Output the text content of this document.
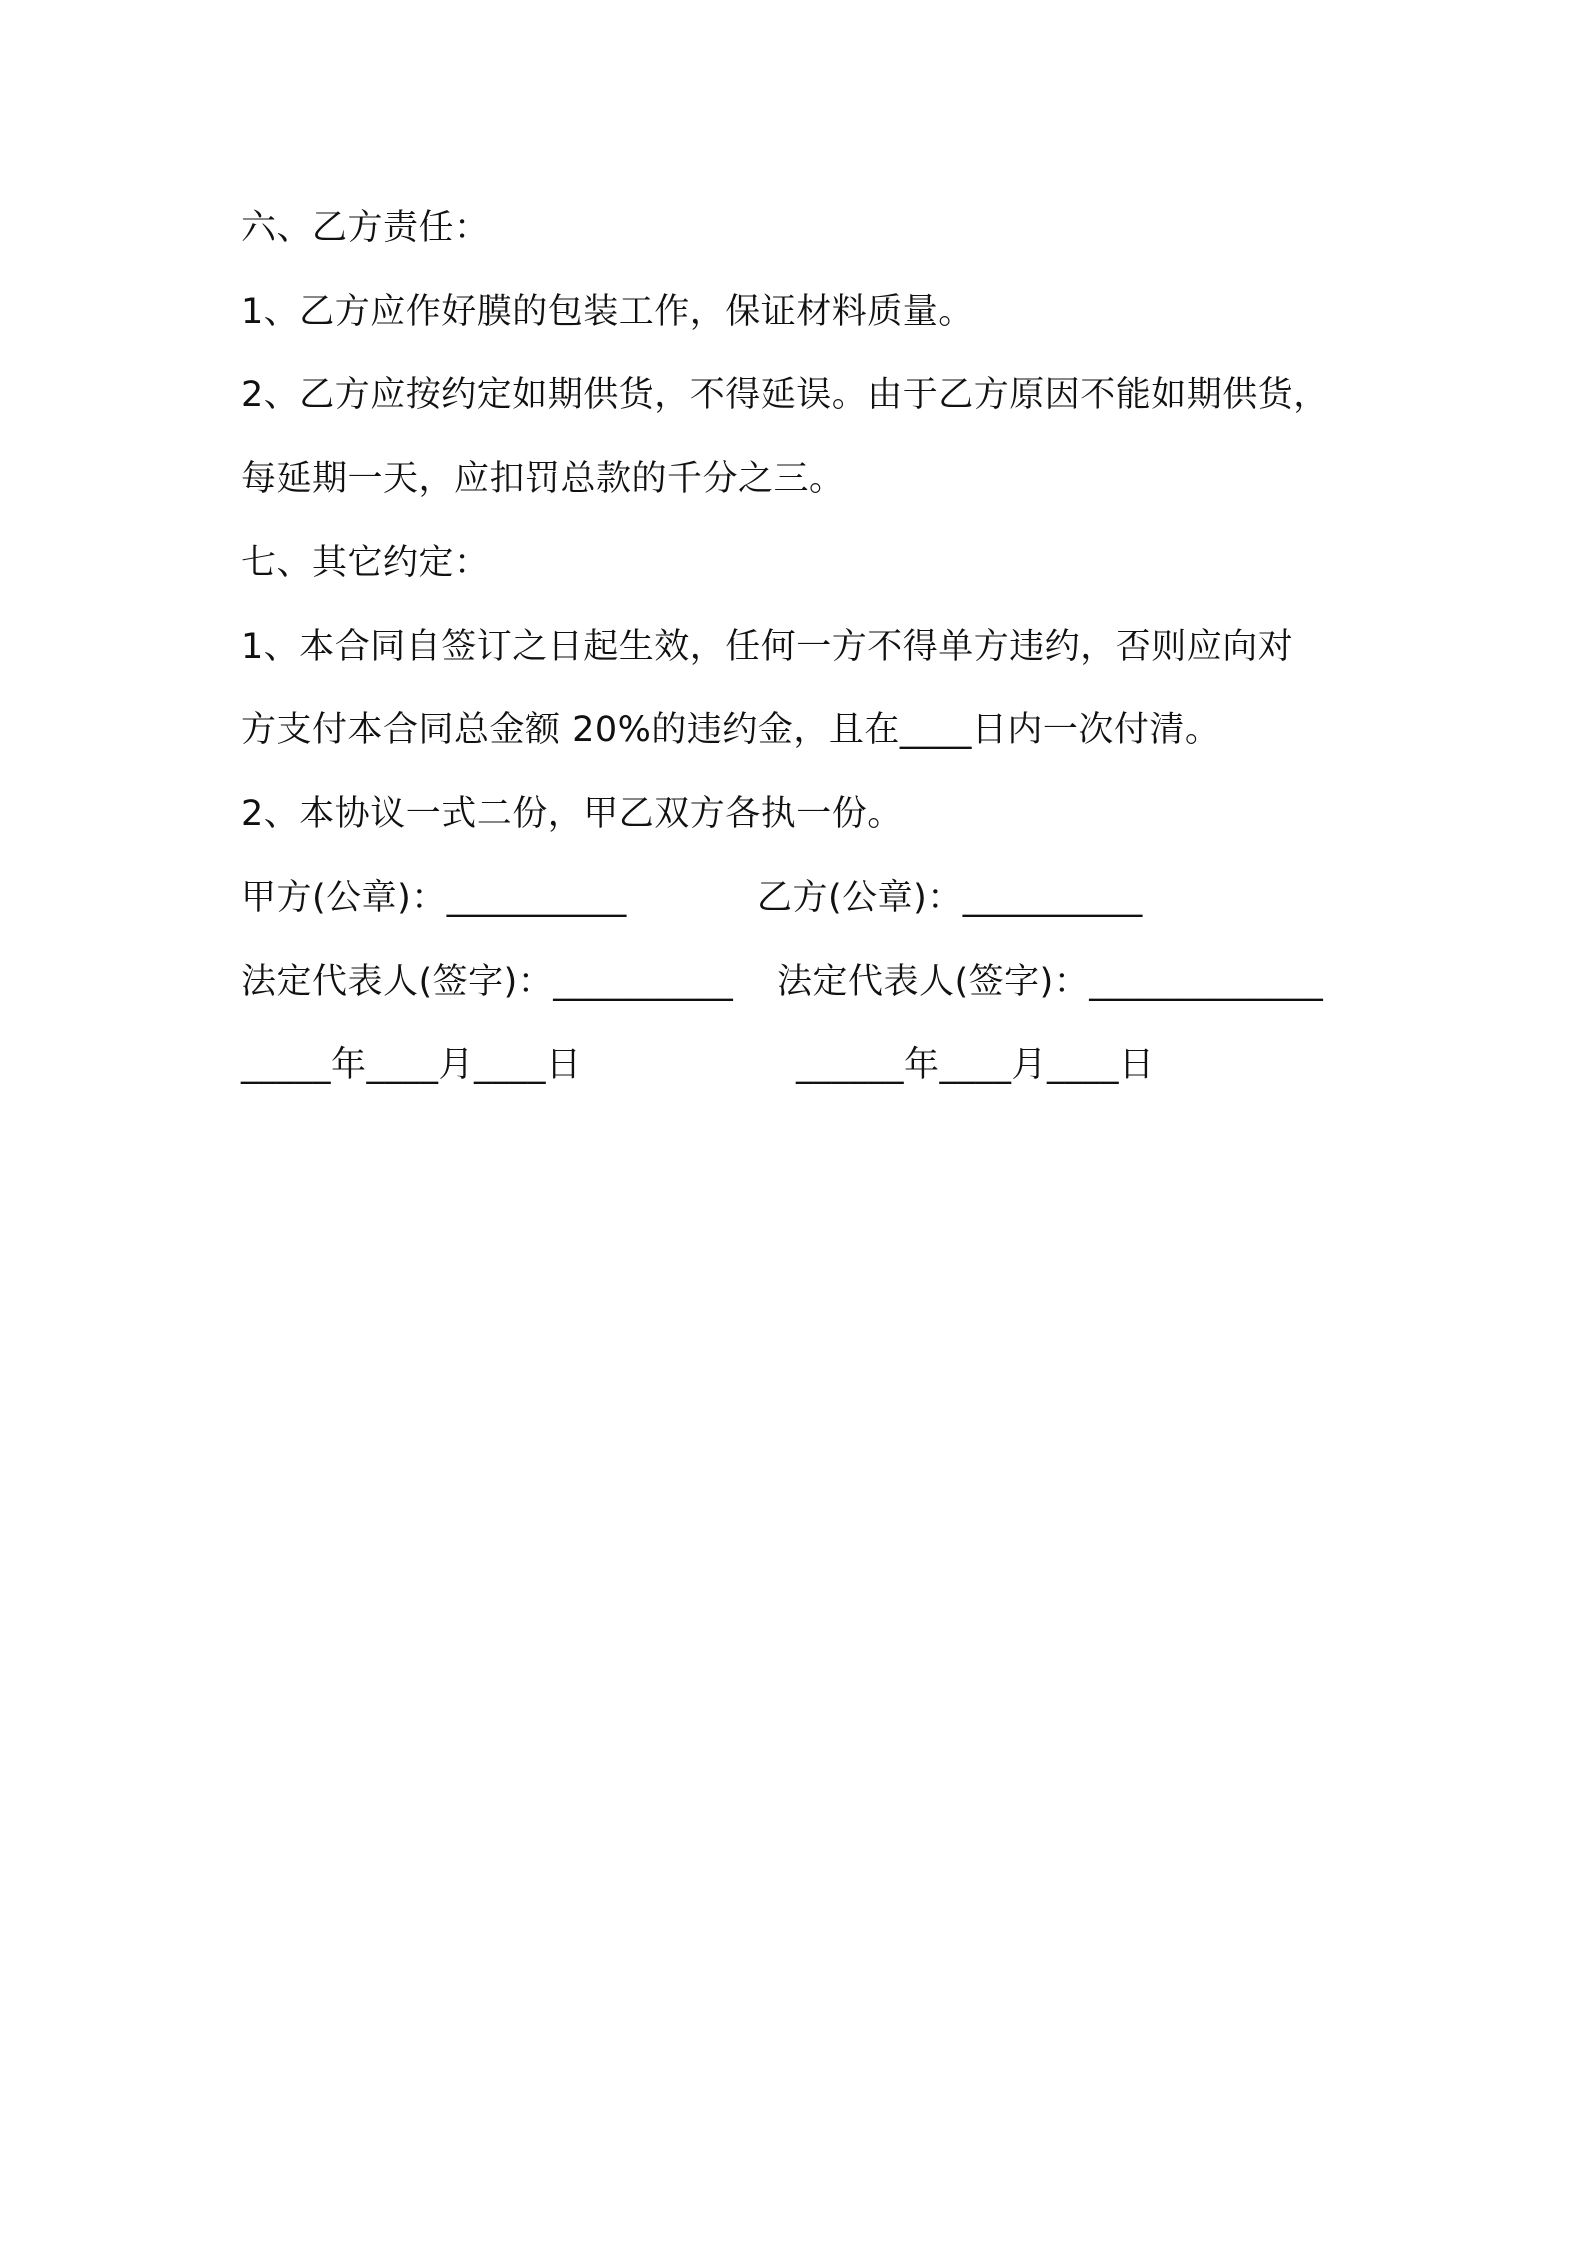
六、乙方责任：
1、乙方应作好膜的包装工作，保证材料质量。
2、乙方应按约定如期供货，不得延误。由于乙方原因不能如期供货，
每延期一天，应扣罚总款的千分之三。
七、其它约定：
1、本合同自签订之日起生效，任何一方不得单方违约，否则应向对
方支付本合同总金额 20%的违约金，且在____日内一次付清。
2、本协议一式二份，甲乙双方各执一份。
甲方(公章)：__________	乙方(公章)：__________
法定代表人(签字)：__________ 法定代表人(签字)：_____________
_____年____月____日	______年____月____日
